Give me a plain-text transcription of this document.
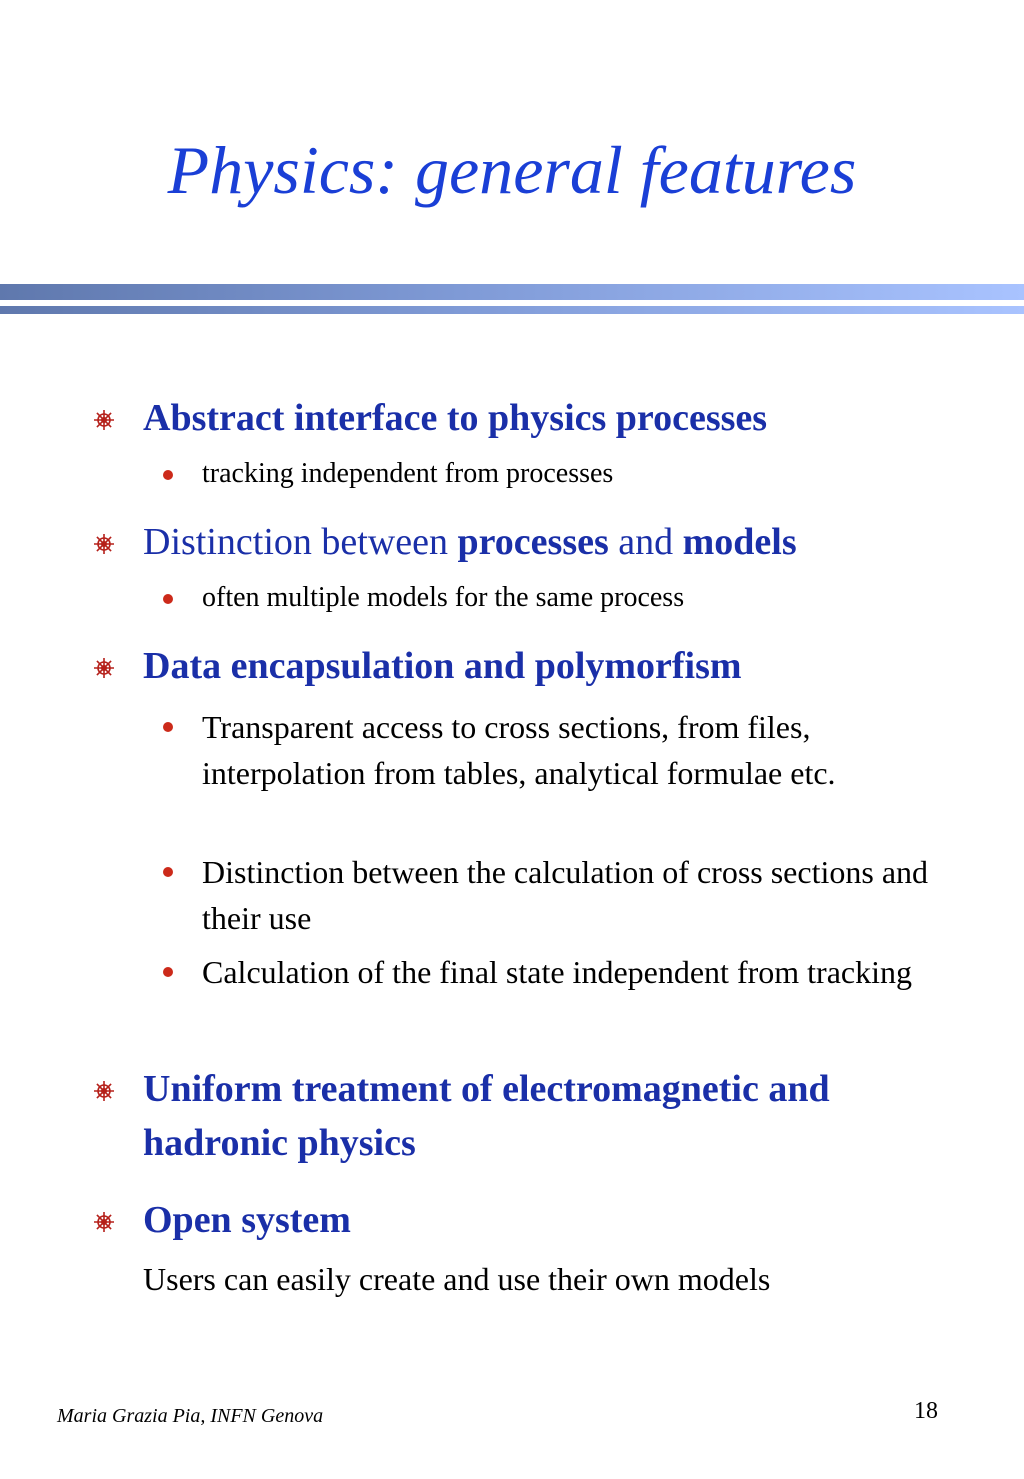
Physics: general features

Abstract interface to physics processes

tracking independent from processes

Distinction between processes and models

often multiple models for the same process

Data encapsulation and polymorfism

Transparent access to cross sections, from files, interpolation from tables, analytical formulae etc.

Distinction between the calculation of cross sections and their use

Calculation of the final state independent from tracking

Uniform treatment of electromagnetic and hadronic physics

Open system

Users can easily create and use their own models

Maria Grazia Pia, INFN Genova	18
